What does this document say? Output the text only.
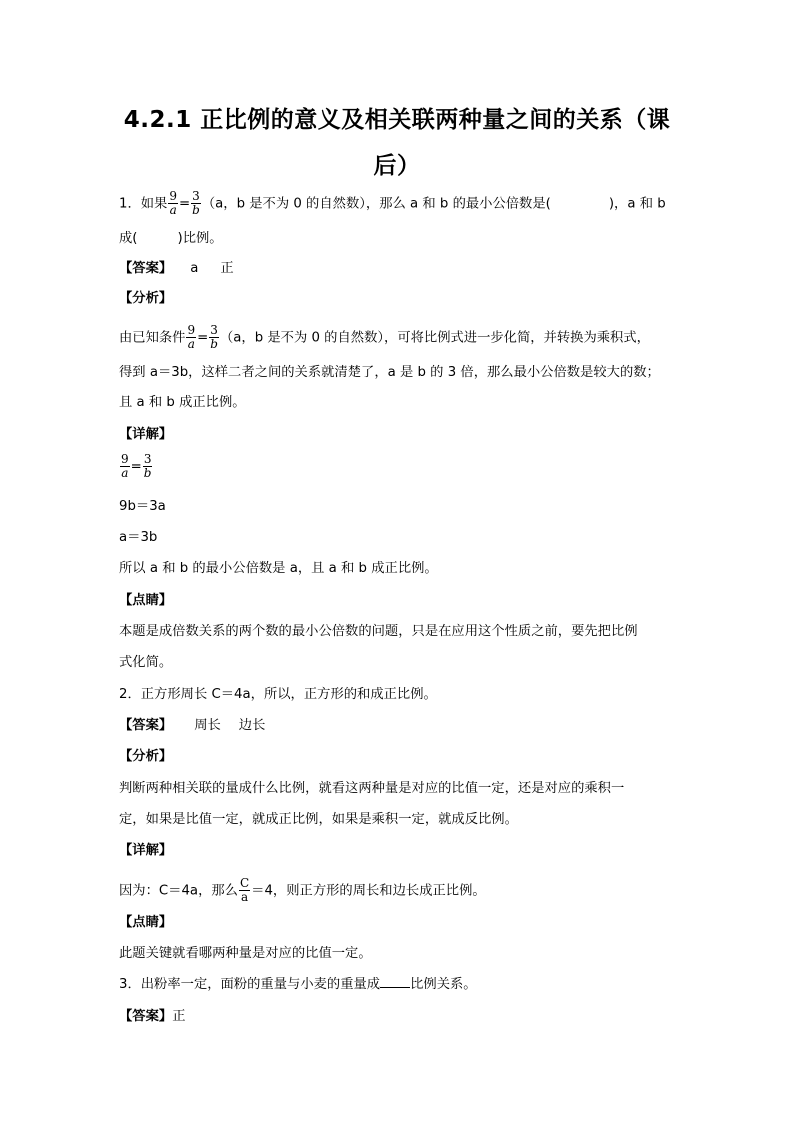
4.2.1 正比例的意义及相关联两种量之间的关系（课
后）
1．如果 $\frac{9}{a} = \frac{3}{b} (a$，b 是不为 0 的自然数），那么 a 和 b 的最小公倍数是(	)，a 和 b
成(	)比例。
【答案】 a 正
【分析】
由已知条件 $\frac{9}{a} = \frac{3}{b} (a$，b 是不为 0 的自然数），可将比例式进一步化简，并转换为乘积式，
得到 a＝3b，这样二者之间的关系就清楚了，a 是 b 的 3 倍，那么最小公倍数是较大的数；
且 a 和 b 成正比例。
【详解】
$\frac{9}{a} = \frac{3}{b}$
9b＝3a
a＝3b
所以 a 和 b 的最小公倍数是 a，且 a 和 b 成正比例。
【点睛】
本题是成倍数关系的两个数的最小公倍数的问题，只是在应用这个性质之前，要先把比例
式化简。
2．正方形周长 C＝4a，所以，正方形的和成正比例。
【答案】 周长 边长
【分析】
判断两种相关联的量成什么比例，就看这两种量是对应的比值一定，还是对应的乘积一
定，如果是比值一定，就成正比例，如果是乘积一定，就成反比例。
【详解】
因为：C＝4a，那么 $\frac{C}{a} =4$，则正方形的周长和边长成正比例。
【点睛】
此题关键就看哪两种量是对应的比值一定。
3．出粉率一定，面粉的重量与小麦的重量成 比例关系。
【答案】正
